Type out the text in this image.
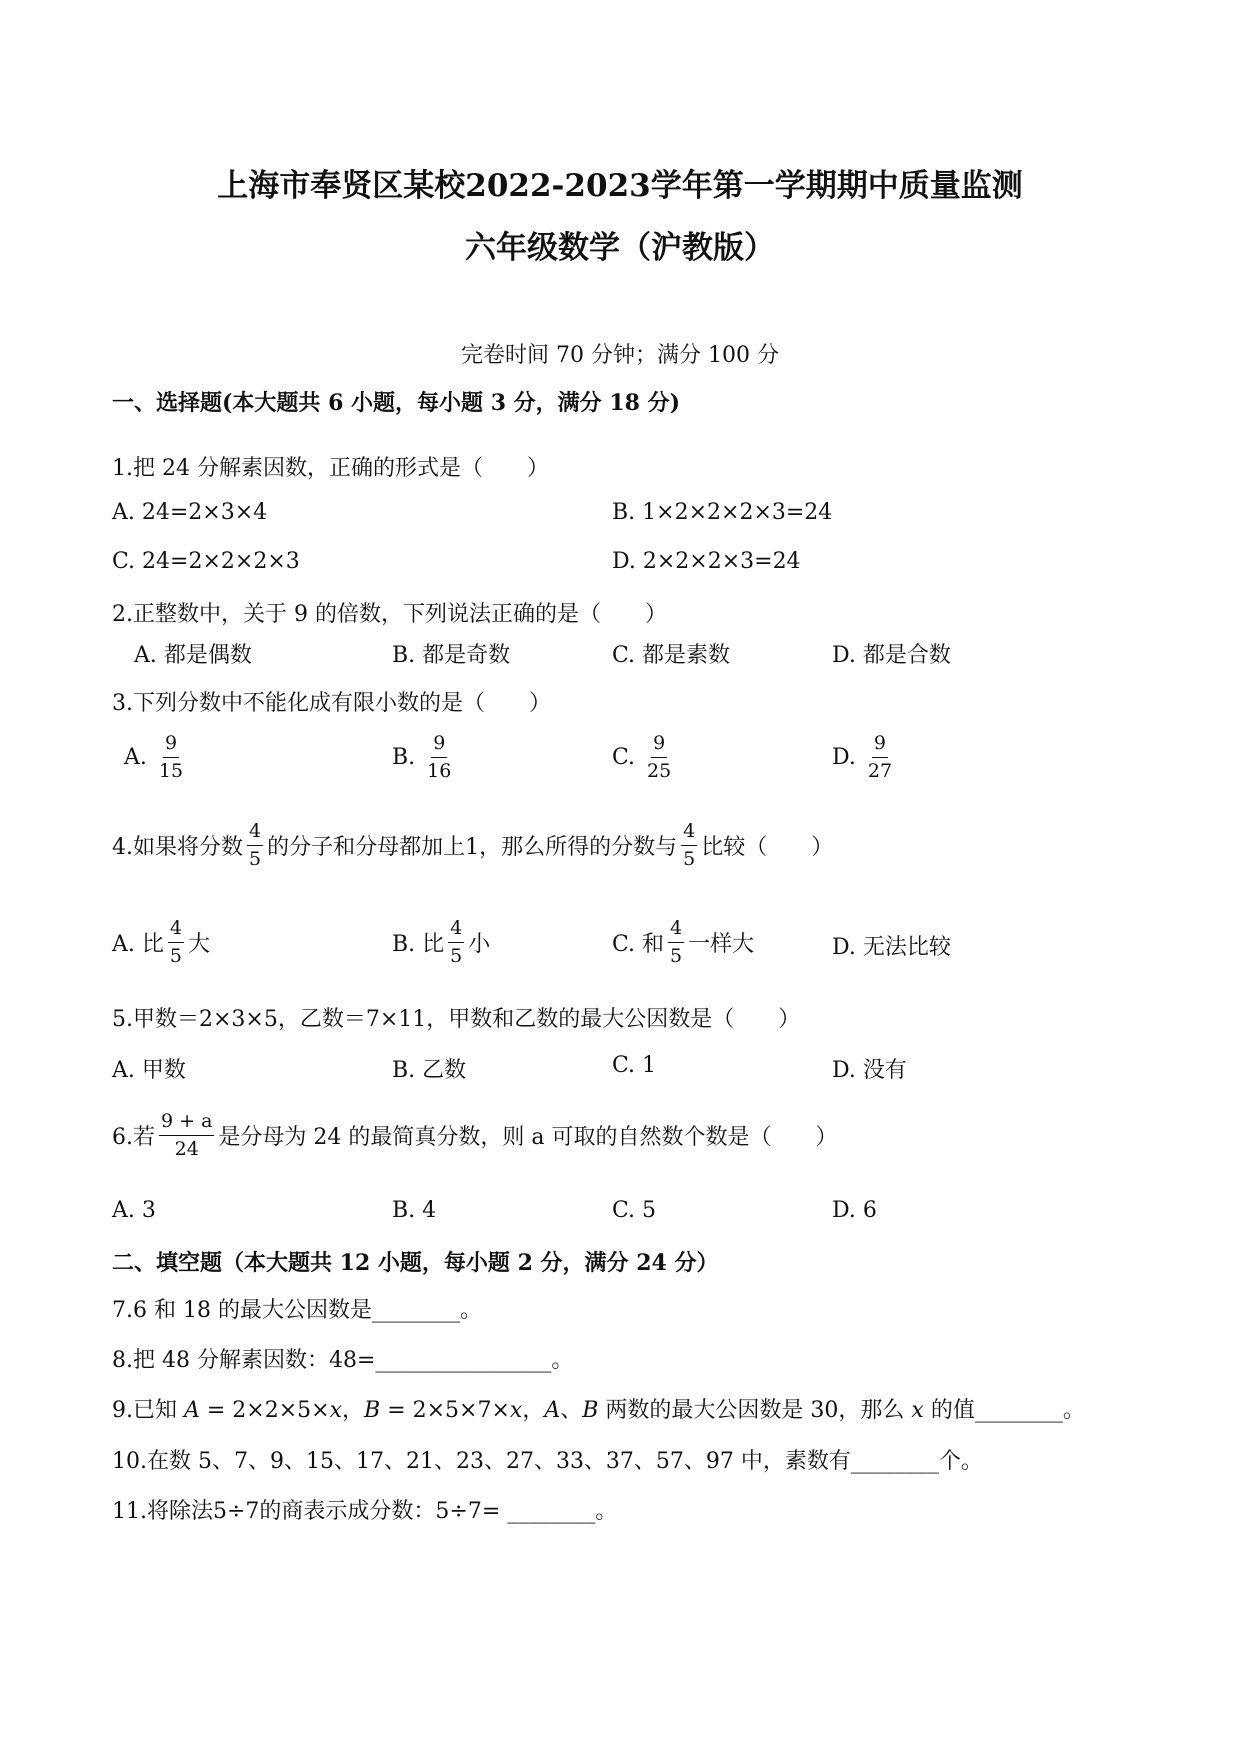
上海市奉贤区某校2022-2023学年第一学期期中质量监测
六年级数学（沪教版）
完卷时间 70 分钟；满分 100 分
一、选择题(本大题共 6 小题，每小题 3 分，满分 18 分)
1.把 24 分解素因数，正确的形式是（　　）
A. 24=2×3×4	B. 1×2×2×2×3=24
C. 24=2×2×2×3	D. 2×2×2×3=24
2.正整数中，关于 9 的倍数，下列说法正确的是（　　）
A. 都是偶数	B. 都是奇数	C. 都是素数	D. 都是合数
3.下列分数中不能化成有限小数的是（　　）
A. $\frac{9}{15}$	B. $\frac{9}{16}$	C. $\frac{9}{25}$	D. $\frac{9}{27}$
4.如果将分数 $\frac{4}{5}$ 的分子和分母都加上1，那么所得的分数与 $\frac{4}{5}$ 比较（　　）
A. 比 $\frac{4}{5}$ 大	B. 比 $\frac{4}{5}$ 小	C. 和 $\frac{4}{5}$ 一样大	D. 无法比较
5.甲数＝2×3×5，乙数＝7×11，甲数和乙数的最大公因数是（　　）
A. 甲数	B. 乙数	C. 1	D. 没有
6.若 $\frac{9 + a}{24}$ 是分母为 24 的最简真分数，则 a 可取的自然数个数是（　　）
A. 3	B. 4	C. 5	D. 6
二、填空题（本大题共 12 小题，每小题 2 分，满分 24 分）
7.6 和 18 的最大公因数是________。
8.把 48 分解素因数：48=________________。
9.已知 A = 2×2×5×x，B = 2×5×7×x，A、B 两数的最大公因数是 30，那么 x 的值________。
10.在数 5、7、9、15、17、21、23、27、33、37、57、97 中，素数有________个。
11.将除法5÷7的商表示成分数：5÷7= ________。
